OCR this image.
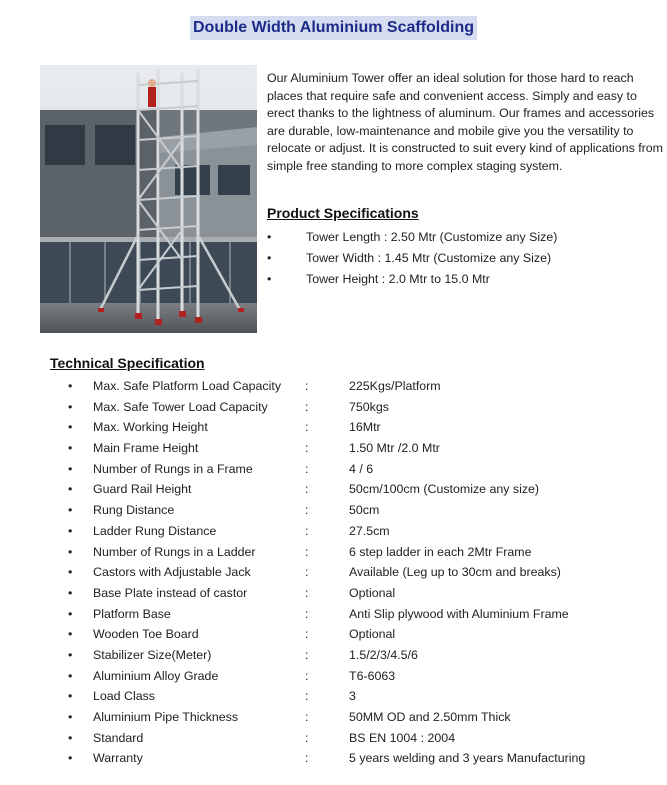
Double Width Aluminium Scaffolding

Our Aluminium Tower offer an ideal solution for those hard to reach places that require safe and convenient access. Simply and easy to erect thanks to the lightness of aluminum. Our frames and accessories are durable, low-maintenance and mobile give you the versatility to relocate or adjust. It is constructed to suit every kind of applications from simple free standing to more complex staging system.

Product Specifications
•	Tower Length : 2.50 Mtr (Customize any Size)
•	Tower Width : 1.45 Mtr (Customize any Size)
•	Tower Height : 2.0 Mtr to 15.0 Mtr
Technical Specification
• Max. Safe Platform Load Capacity :	225Kgs/Platform
• Max. Safe Tower Load Capacity	:	750kgs
• Max. Working Height	:	16Mtr
• Main Frame Height	:	1.50 Mtr /2.0 Mtr
• Number of Rungs in a Frame	:	4 / 6
• Guard Rail Height	:	50cm/100cm (Customize any size)
• Rung Distance	:	50cm
• Ladder Rung Distance	:	27.5cm
• Number of Rungs in a Ladder	:	6 step ladder in each 2Mtr Frame
• Castors with Adjustable Jack	:	Available (Leg up to 30cm and breaks)
• Base Plate instead of castor	:	Optional
• Platform Base	:	Anti Slip plywood with Aluminium Frame
• Wooden Toe Board	:	Optional
• Stabilizer Size(Meter)	:	1.5/2/3/4.5/6
• Aluminium Alloy Grade	:	T6-6063
• Load Class	:	3
• Aluminium Pipe Thickness	:	50MM OD and 2.50mm Thick
• Standard	:	BS EN 1004 : 2004
• Warranty	:	5 years welding and 3 years Manufacturing
